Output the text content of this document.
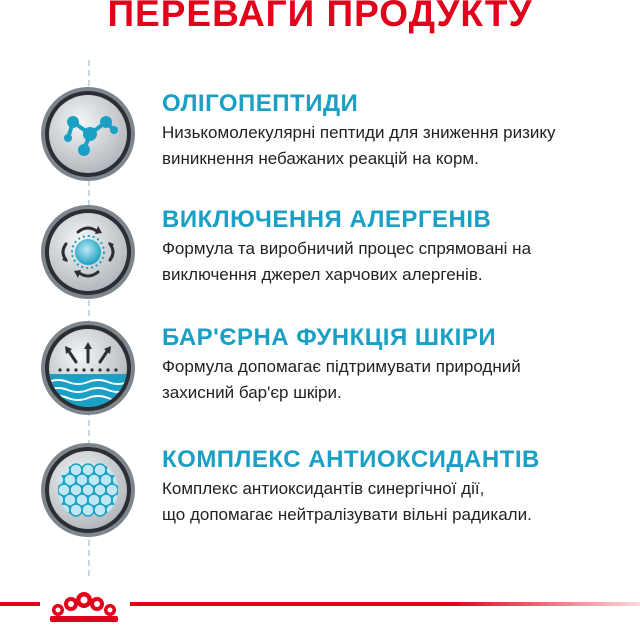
ПЕРЕВАГИ ПРОДУКТУ
ОЛІГОПЕПТИДИ
Низькомолекулярні пептиди для зниження ризику
виникнення небажаних реакцій на корм.
ВИКЛЮЧЕННЯ АЛЕРГЕНІВ
Формула та виробничий процес спрямовані на
виключення джерел харчових алергенів.
БАР'ЄРНА ФУНКЦІЯ ШКІРИ
Формула допомагає підтримувати природний
захисний бар'єр шкіри.
КОМПЛЕКС АНТИОКСИДАНТІВ
Комплекс антиоксидантів синергічної дії,
що допомагає нейтралізувати вільні радикали.
